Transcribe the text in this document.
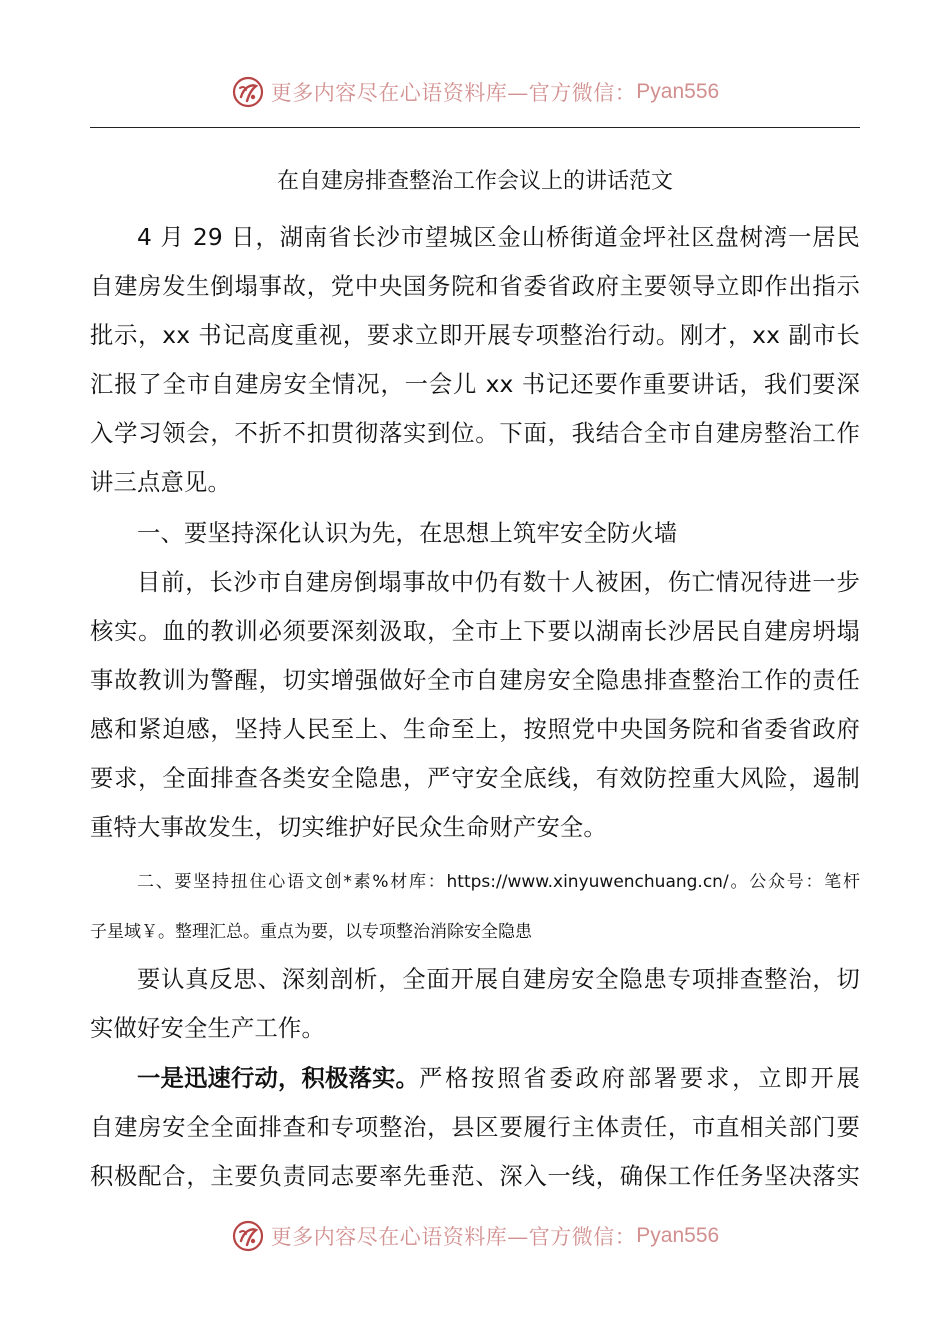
更多内容尽在心语资料库—官方微信： Pyan556
在自建房排查整治工作会议上的讲话范文
4 月 29 日，湖南省长沙市望城区金山桥街道金坪社区盘树湾一居民
自建房发生倒塌事故，党中央国务院和省委省政府主要领导立即作出指示
批示，xx 书记高度重视，要求立即开展专项整治行动。刚才，xx 副市长
汇报了全市自建房安全情况，一会儿 xx 书记还要作重要讲话，我们要深
入学习领会，不折不扣贯彻落实到位。下面，我结合全市自建房整治工作
讲三点意见。
一、要坚持深化认识为先，在思想上筑牢安全防火墙
目前，长沙市自建房倒塌事故中仍有数十人被困，伤亡情况待进一步
核实。血的教训必须要深刻汲取，全市上下要以湖南长沙居民自建房坍塌
事故教训为警醒，切实增强做好全市自建房安全隐患排查整治工作的责任
感和紧迫感，坚持人民至上、生命至上，按照党中央国务院和省委省政府
要求，全面排查各类安全隐患，严守安全底线，有效防控重大风险，遏制
重特大事故发生，切实维护好民众生命财产安全。
二、要坚持扭住心语文创*素%材库：https://www.xinyuwenchuang.cn/。公众号：笔杆
子星域￥。整理汇总。重点为要，以专项整治消除安全隐患
要认真反思、深刻剖析，全面开展自建房安全隐患专项排查整治，切
实做好安全生产工作。
一是迅速行动，积极落实。 严格按照省委政府部署要求，立即开展
自建房安全全面排查和专项整治，县区要履行主体责任，市直相关部门要
积极配合，主要负责同志要率先垂范、深入一线，确保工作任务坚决落实
更多内容尽在心语资料库—官方微信： Pyan556
